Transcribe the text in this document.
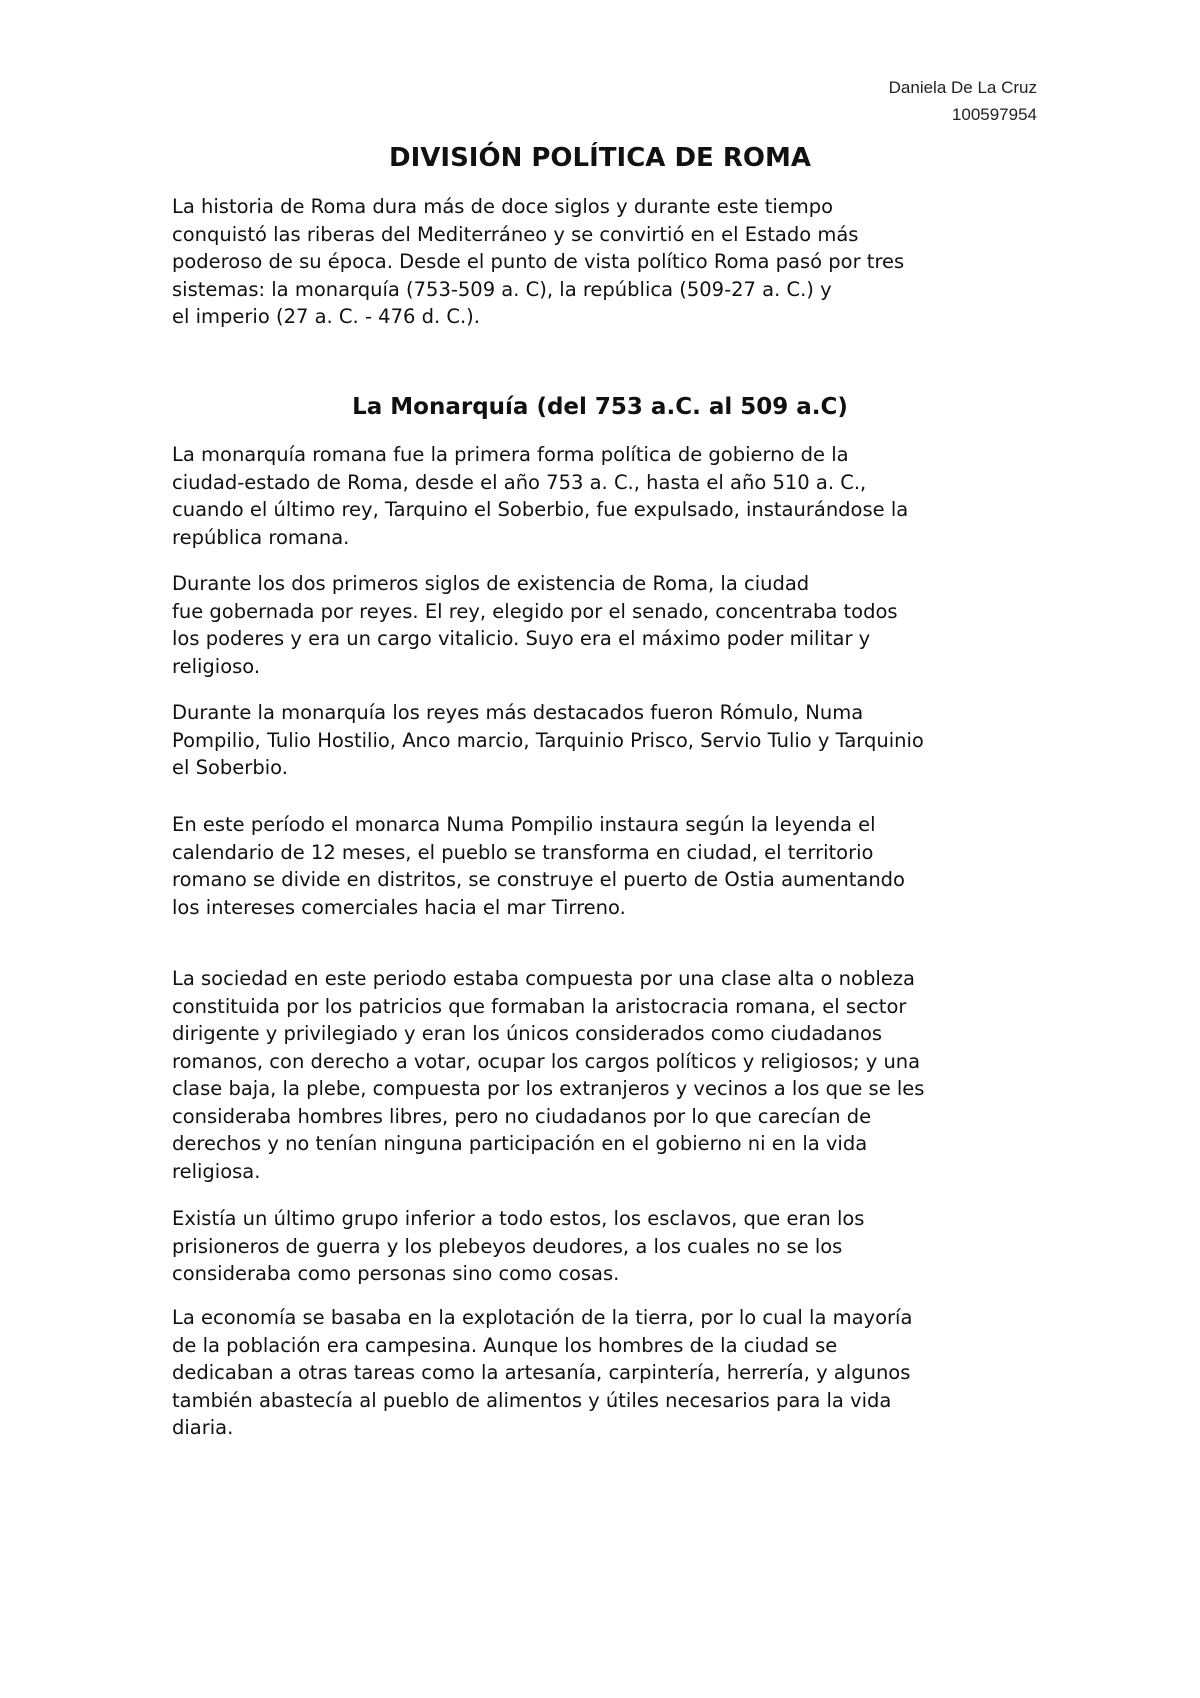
Daniela De La Cruz
100597954
DIVISIÓN POLÍTICA DE ROMA

La historia de Roma dura más de doce siglos y durante este tiempo
conquistó las riberas del Mediterráneo y se convirtió en el Estado más
poderoso de su época. Desde el punto de vista político Roma pasó por tres
sistemas: la monarquía (753-509 a. C), la república (509-27 a. C.) y
el imperio (27 a. C. - 476 d. C.).

La Monarquía (del 753 a.C. al 509 a.C)

La monarquía romana fue la primera forma política de gobierno de la
ciudad-estado de Roma, desde el año 753 a. C., hasta el año 510 a. C.,
cuando el último rey, Tarquino el Soberbio, fue expulsado, instaurándose la
república romana.

Durante los dos primeros siglos de existencia de Roma, la ciudad
fue gobernada por reyes. El rey, elegido por el senado, concentraba todos
los poderes y era un cargo vitalicio. Suyo era el máximo poder militar y
religioso.

Durante la monarquía los reyes más destacados fueron Rómulo, Numa
Pompilio, Tulio Hostilio, Anco marcio, Tarquinio Prisco, Servio Tulio y Tarquinio
el Soberbio.

En este período el monarca Numa Pompilio instaura según la leyenda el
calendario de 12 meses, el pueblo se transforma en ciudad, el territorio
romano se divide en distritos, se construye el puerto de Ostia aumentando
los intereses comerciales hacia el mar Tirreno.

La sociedad en este periodo estaba compuesta por una clase alta o nobleza
constituida por los patricios que formaban la aristocracia romana, el sector
dirigente y privilegiado y eran los únicos considerados como ciudadanos
romanos, con derecho a votar, ocupar los cargos políticos y religiosos; y una
clase baja, la plebe, compuesta por los extranjeros y vecinos a los que se les
consideraba hombres libres, pero no ciudadanos por lo que carecían de
derechos y no tenían ninguna participación en el gobierno ni en la vida
religiosa.

Existía un último grupo inferior a todo estos, los esclavos, que eran los
prisioneros de guerra y los plebeyos deudores, a los cuales no se los
consideraba como personas sino como cosas.

La economía se basaba en la explotación de la tierra, por lo cual la mayoría
de la población era campesina. Aunque los hombres de la ciudad se
dedicaban a otras tareas como la artesanía, carpintería, herrería, y algunos
también abastecía al pueblo de alimentos y útiles necesarios para la vida
diaria.
